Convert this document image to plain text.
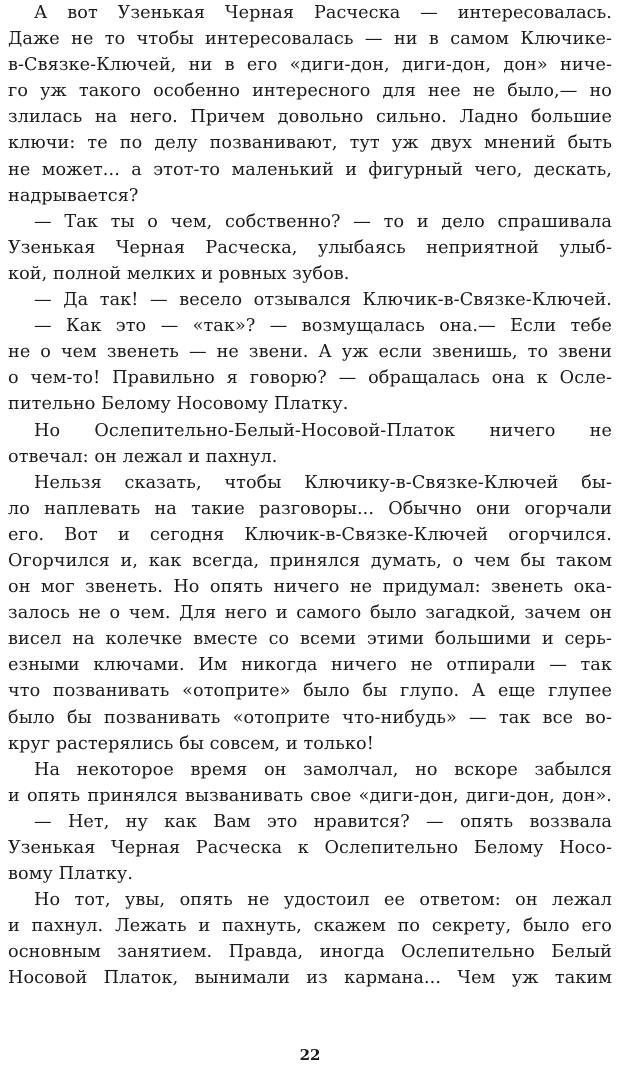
А вот Узенькая Черная Расческа — интересовалась.
Даже не то чтобы интересовалась — ни в самом Ключике-
в-Связке-Ключей, ни в его «диги-дон, диги-дон, дон» ниче-
го уж такого особенно интересного для нее не было,— но
злилась на него. Причем довольно сильно. Ладно большие
ключи: те по делу позванивают, тут уж двух мнений быть
не может... а этот-то маленький и фигурный чего, дескать,
надрывается?
— Так ты о чем, собственно? — то и дело спрашивала
Узенькая Черная Расческа, улыбаясь неприятной улыб-
кой, полной мелких и ровных зубов.
— Да так! — весело отзывался Ключик-в-Связке-Ключей.
— Как это — «так»? — возмущалась она.— Если тебе
не о чем звенеть — не звени. А уж если звенишь, то звени
о чем-то! Правильно я говорю? — обращалась она к Осле-
пительно Белому Носовому Платку.
Но Ослепительно-Белый-Носовой-Платок ничего не
отвечал: он лежал и пахнул.
Нельзя сказать, чтобы Ключику-в-Связке-Ключей бы-
ло наплевать на такие разговоры... Обычно они огорчали
его. Вот и сегодня Ключик-в-Связке-Ключей огорчился.
Огорчился и, как всегда, принялся думать, о чем бы таком
он мог звенеть. Но опять ничего не придумал: звенеть ока-
залось не о чем. Для него и самого было загадкой, зачем он
висел на колечке вместе со всеми этими большими и серь-
езными ключами. Им никогда ничего не отпирали — так
что позванивать «отоприте» было бы глупо. А еще глупее
было бы позванивать «отоприте что-нибудь» — так все во-
круг растерялись бы совсем, и только!
На некоторое время он замолчал, но вскоре забылся
и опять принялся вызванивать свое «диги-дон, диги-дон, дон».
— Нет, ну как Вам это нравится? — опять воззвала
Узенькая Черная Расческа к Ослепительно Белому Носо-
вому Платку.
Но тот, увы, опять не удостоил ее ответом: он лежал
и пахнул. Лежать и пахнуть, скажем по секрету, было его
основным занятием. Правда, иногда Ослепительно Белый
Носовой Платок, вынимали из кармана... Чем уж таким
22
